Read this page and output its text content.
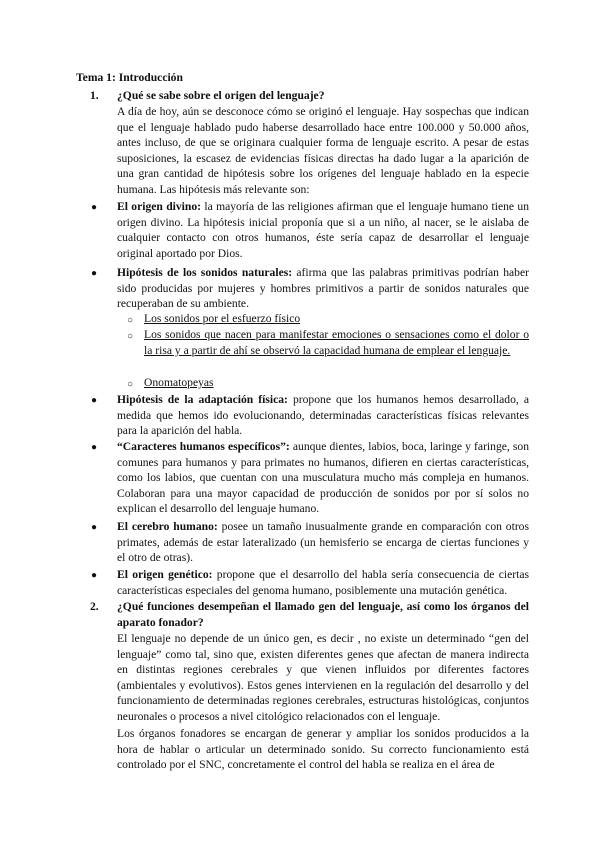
Tema 1: Introducción
1. ¿Qué se sabe sobre el origen del lenguaje?
A día de hoy, aún se desconoce cómo se originó el lenguaje. Hay sospechas que indican que el lenguaje hablado pudo haberse desarrollado hace entre 100.000 y 50.000 años, antes incluso, de que se originara cualquier forma de lenguaje escrito. A pesar de estas suposiciones, la escasez de evidencias físicas directas ha dado lugar a la aparición de una gran cantidad de hipótesis sobre los orígenes del lenguaje hablado en la especie humana. Las hipótesis más relevante son:
● El origen divino: la mayoría de las religiones afirman que el lenguaje humano tiene un origen divino. La hipótesis inicial proponía que si a un niño, al nacer, se le aislaba de cualquier contacto con otros humanos, éste sería capaz de desarrollar el lenguaje original aportado por Dios.
● Hipótesis de los sonidos naturales: afirma que las palabras primitivas podrían haber sido producidas por mujeres y hombres primitivos a partir de sonidos naturales que recuperaban de su ambiente.
○ Los sonidos por el esfuerzo físico
○ Los sonidos que nacen para manifestar emociones o sensaciones como el dolor o la risa y a partir de ahí se observó la capacidad humana de emplear el lenguaje.
○ Onomatopeyas
● Hipótesis de la adaptación física: propone que los humanos hemos desarrollado, a medida que hemos ido evolucionando, determinadas características físicas relevantes para la aparición del habla.
● “Caracteres humanos específicos”: aunque dientes, labios, boca, laringe y faringe, son comunes para humanos y para primates no humanos, difieren en ciertas características, como los labios, que cuentan con una musculatura mucho más compleja en humanos. Colaboran para una mayor capacidad de producción de sonidos por por sí solos no explican el desarrollo del lenguaje humano.
● El cerebro humano: posee un tamaño inusualmente grande en comparación con otros primates, además de estar lateralizado (un hemisferio se encarga de ciertas funciones y el otro de otras).
● El origen genético: propone que el desarrollo del habla sería consecuencia de ciertas características especiales del genoma humano, posiblemente una mutación genética.
2. ¿Qué funciones desempeñan el llamado gen del lenguaje, así como los órganos del aparato fonador?
El lenguaje no depende de un único gen, es decir , no existe un determinado “gen del lenguaje” como tal, sino que, existen diferentes genes que afectan de manera indirecta en distintas regiones cerebrales y que vienen influidos por diferentes factores (ambientales y evolutivos). Estos genes intervienen en la regulación del desarrollo y del funcionamiento de determinadas regiones cerebrales, estructuras histológicas, conjuntos neuronales o procesos a nivel citológico relacionados con el lenguaje.
Los órganos fonadores se encargan de generar y ampliar los sonidos producidos a la hora de hablar o articular un determinado sonido. Su correcto funcionamiento está controlado por el SNC, concretamente el control del habla se realiza en el área de
